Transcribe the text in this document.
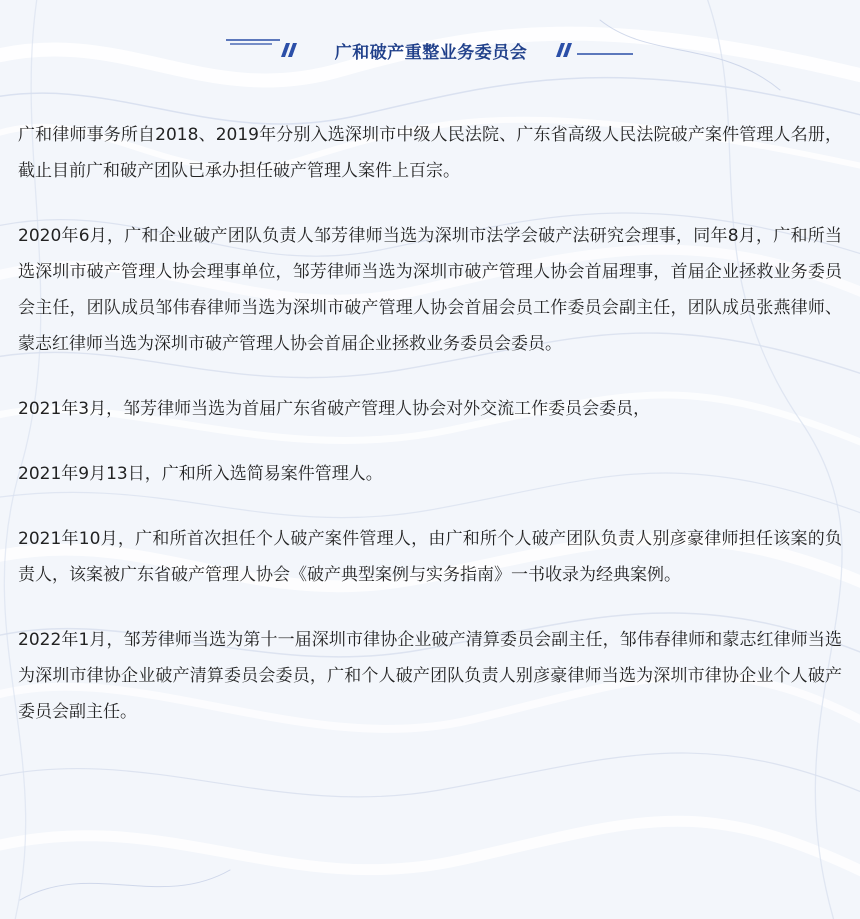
广和破产重整业务委员会

广和律师事务所自2018、2019年分别入选深圳市中级人民法院、广东省高级人民法院破产案件管理人名册，截止目前广和破产团队已承办担任破产管理人案件上百宗。

2020年6月，广和企业破产团队负责人邹芳律师当选为深圳市法学会破产法研究会理事，同年8月，广和所当选深圳市破产管理人协会理事单位，邹芳律师当选为深圳市破产管理人协会首届理事，首届企业拯救业务委员会主任，团队成员邹伟春律师当选为深圳市破产管理人协会首届会员工作委员会副主任，团队成员张燕律师、蒙志红律师当选为深圳市破产管理人协会首届企业拯救业务委员会委员。

2021年3月，邹芳律师当选为首届广东省破产管理人协会对外交流工作委员会委员，

2021年9月13日，广和所入选简易案件管理人。

2021年10月，广和所首次担任个人破产案件管理人，由广和所个人破产团队负责人别彦豪律师担任该案的负责人，该案被广东省破产管理人协会《破产典型案例与实务指南》一书收录为经典案例。

2022年1月，邹芳律师当选为第十一届深圳市律协企业破产清算委员会副主任，邹伟春律师和蒙志红律师当选为深圳市律协企业破产清算委员会委员，广和个人破产团队负责人别彦豪律师当选为深圳市律协企业个人破产委员会副主任。
